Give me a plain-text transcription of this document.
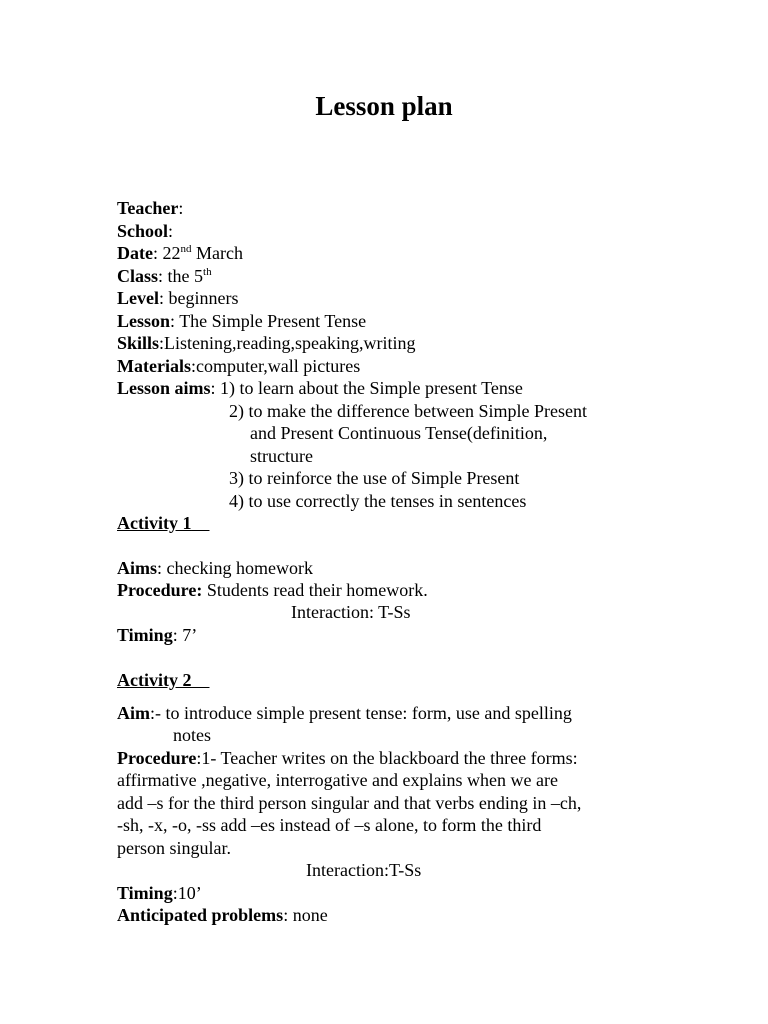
Lesson plan
Teacher:
School:
Date: 22nd March
Class: the 5th
Level: beginners
Lesson: The Simple Present Tense
Skills:Listening,reading,speaking,writing
Materials:computer,wall pictures
Lesson aims: 1) to learn about the Simple present Tense
2) to make the difference between Simple Present
and Present Continuous Tense(definition,
structure
3) to reinforce the use of Simple Present
4) to use correctly the tenses in sentences
Activity 1
Aims: checking homework
Procedure: Students read their homework.
Interaction: T-Ss
Timing: 7’
Activity 2
Aim:- to introduce simple present tense: form, use and spelling
notes
Procedure:1- Teacher writes on the blackboard the three forms:
affirmative ,negative, interrogative and explains when we are
add –s for the third person singular and that verbs ending in –ch,
-sh, -x, -o, -ss add –es instead of –s alone, to form the third
person singular.
Interaction:T-Ss
Timing:10’
Anticipated problems: none
